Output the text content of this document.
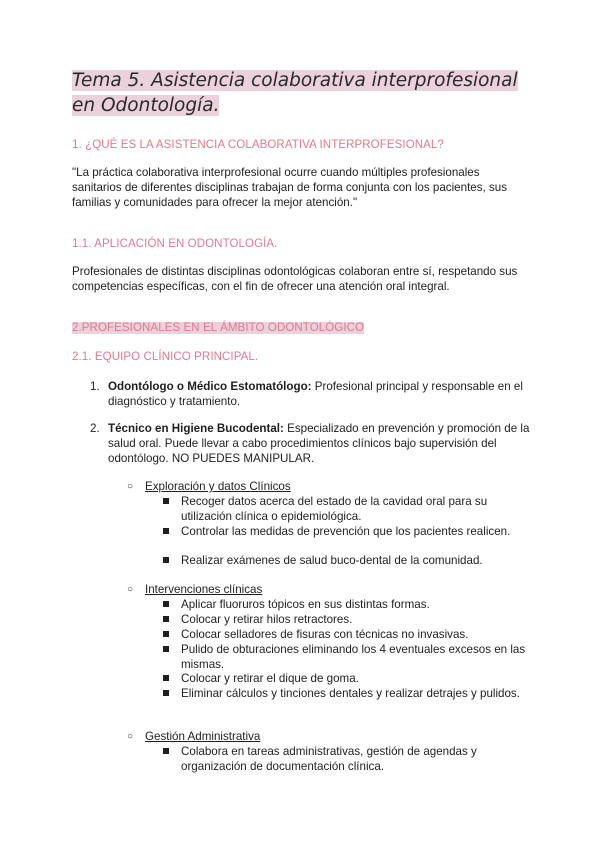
Tema 5. Asistencia colaborativa interprofesional en Odontología.
1. ¿QUÉ ES LA ASISTENCIA COLABORATIVA INTERPROFESIONAL?

"La práctica colaborativa interprofesional ocurre cuando múltiples profesionales sanitarios de diferentes disciplinas trabajan de forma conjunta con los pacientes, sus familias y comunidades para ofrecer la mejor atención."

1.1. APLICACIÓN EN ODONTOLOGÍA.

Profesionales de distintas disciplinas odontológicas colaboran entre sí, respetando sus competencias específicas, con el fin de ofrecer una atención oral integral.

2.PROFESIONALES EN EL ÁMBITO ODONTOLÓGICO
2.1. EQUIPO CLÍNICO PRINCIPAL.
1. Odontólogo o Médico Estomatólogo: Profesional principal y responsable en el diagnóstico y tratamiento.
2. Técnico en Higiene Bucodental: Especializado en prevención y promoción de la salud oral. Puede llevar a cabo procedimientos clínicos bajo supervisión del odontólogo. NO PUEDES MANIPULAR.
○ Exploración y datos Clínicos
Recoger datos acerca del estado de la cavidad oral para su utilización clínica o epidemiológica.
Controlar las medidas de prevención que los pacientes realicen.
Realizar exámenes de salud buco-dental de la comunidad.
○ Intervenciones clínicas
Aplicar fluoruros tópicos en sus distintas formas.
Colocar y retirar hilos retractores.
Colocar selladores de fisuras con técnicas no invasivas.
Pulido de obturaciones eliminando los 4 eventuales excesos en las mismas.
Colocar y retirar el dique de goma.
Eliminar cálculos y tinciones dentales y realizar detrajes y pulidos.
○ Gestión Administrativa
Colabora en tareas administrativas, gestión de agendas y organización de documentación clínica.
